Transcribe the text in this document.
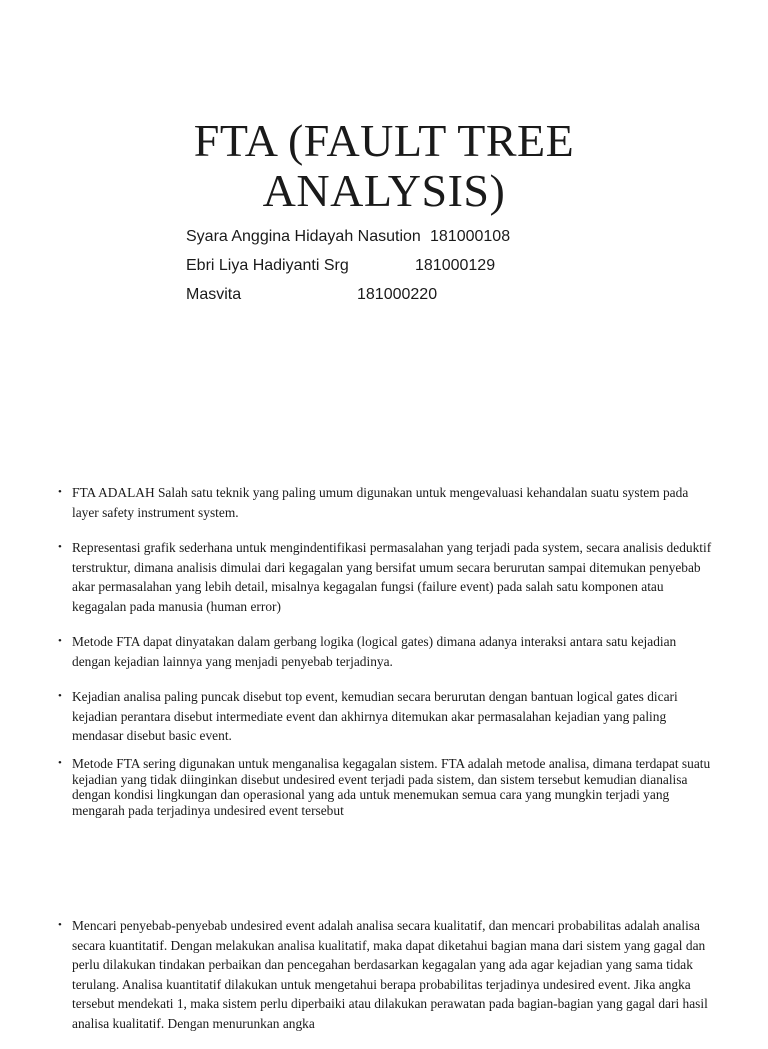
FTA (FAULT TREE ANALYSIS)
Syara Anggina Hidayah Nasution 181000108
Ebri Liya Hadiyanti Srg	181000129
Masvita	181000220
• FTA ADALAH Salah satu teknik yang paling umum digunakan untuk mengevaluasi kehandalan suatu system pada layer safety instrument system.
• Representasi grafik sederhana untuk mengindentifikasi permasalahan yang terjadi pada system, secara analisis deduktif terstruktur, dimana analisis dimulai dari kegagalan yang bersifat umum secara berurutan sampai ditemukan penyebab akar permasalahan yang lebih detail, misalnya kegagalan fungsi (failure event) pada salah satu komponen atau kegagalan pada manusia (human error)
• Metode FTA dapat dinyatakan dalam gerbang logika (logical gates) dimana adanya interaksi antara satu kejadian dengan kejadian lainnya yang menjadi penyebab terjadinya.
• Kejadian analisa paling puncak disebut top event, kemudian secara berurutan dengan bantuan logical gates dicari kejadian perantara disebut intermediate event dan akhirnya ditemukan akar permasalahan kejadian yang paling mendasar disebut basic event.
• Metode FTA sering digunakan untuk menganalisa kegagalan sistem. FTA adalah metode analisa, dimana terdapat suatu kejadian yang tidak diinginkan disebut undesired event terjadi pada sistem, dan sistem tersebut kemudian dianalisa dengan kondisi lingkungan dan operasional yang ada untuk menemukan semua cara yang mungkin terjadi yang mengarah pada terjadinya undesired event tersebut
• Mencari penyebab-penyebab undesired event adalah analisa secara kualitatif, dan mencari probabilitas adalah analisa secara kuantitatif. Dengan melakukan analisa kualitatif, maka dapat diketahui bagian mana dari sistem yang gagal dan perlu dilakukan tindakan perbaikan dan pencegahan berdasarkan kegagalan yang ada agar kejadian yang sama tidak terulang. Analisa kuantitatif dilakukan untuk mengetahui berapa probabilitas terjadinya undesired event. Jika angka tersebut mendekati 1, maka sistem perlu diperbaiki atau dilakukan perawatan pada bagian-bagian yang gagal dari hasil analisa kualitatif. Dengan menurunkan angka
